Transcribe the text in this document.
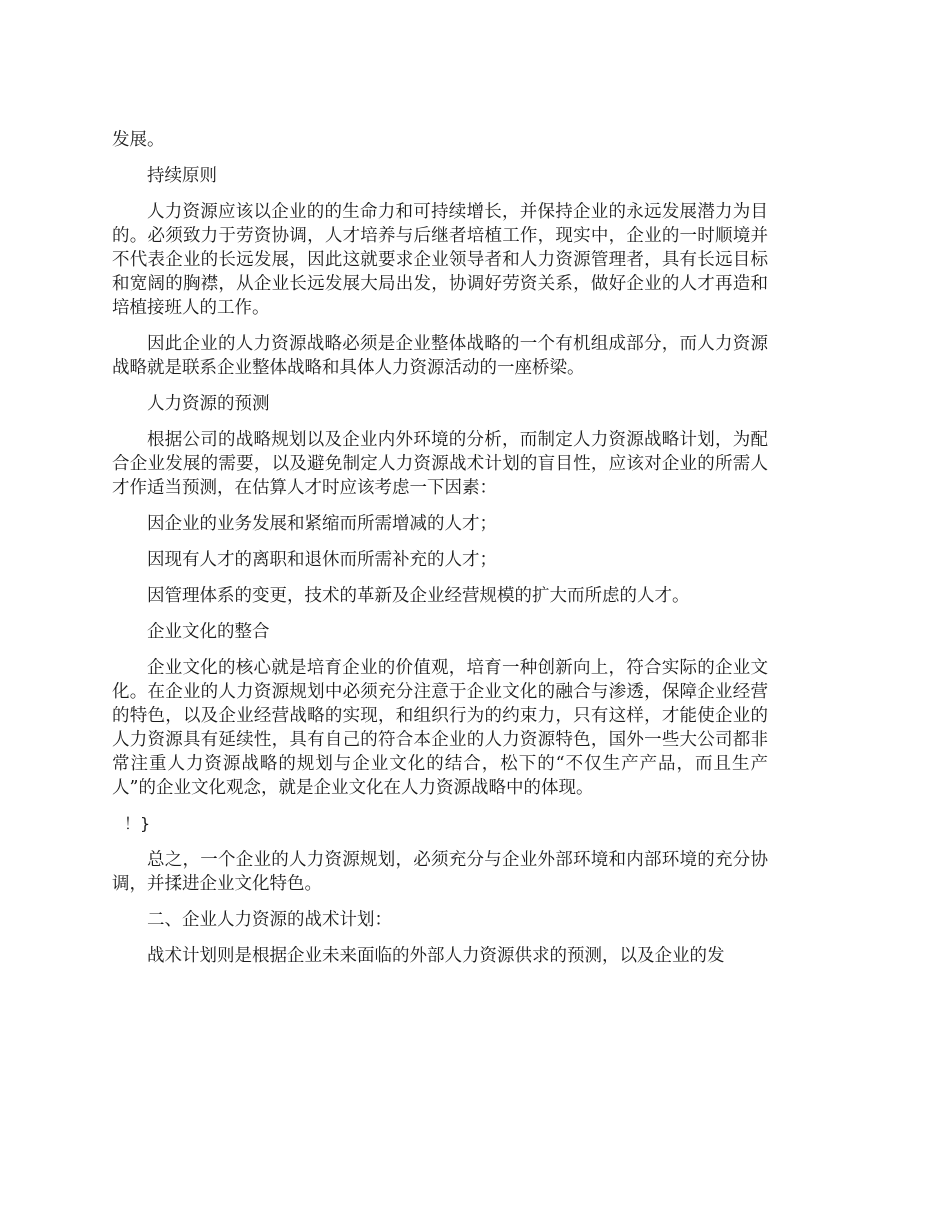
发展。

持续原则

人力资源应该以企业的的生命力和可持续增长，并保持企业的永远发展潜力为目的。必须致力于劳资协调，人才培养与后继者培植工作，现实中，企业的一时顺境并不代表企业的长远发展，因此这就要求企业领导者和人力资源管理者，具有长远目标和宽阔的胸襟，从企业长远发展大局出发，协调好劳资关系，做好企业的人才再造和培植接班人的工作。

因此企业的人力资源战略必须是企业整体战略的一个有机组成部分，而人力资源战略就是联系企业整体战略和具体人力资源活动的一座桥梁。

人力资源的预测

根据公司的战略规划以及企业内外环境的分析，而制定人力资源战略计划，为配合企业发展的需要，以及避免制定人力资源战术计划的盲目性，应该对企业的所需人才作适当预测，在估算人才时应该考虑一下因素：

因企业的业务发展和紧缩而所需增减的人才；

因现有人才的离职和退休而所需补充的人才；

因管理体系的变更，技术的革新及企业经营规模的扩大而所虑的人才。

企业文化的整合

企业文化的核心就是培育企业的价值观，培育一种创新向上，符合实际的企业文化。在企业的人力资源规划中必须充分注意于企业文化的融合与渗透，保障企业经营的特色，以及企业经营战略的实现，和组织行为的约束力，只有这样，才能使企业的人力资源具有延续性，具有自己的符合本企业的人力资源特色，国外一些大公司都非常注重人力资源战略的规划与企业文化的结合，松下的“不仅生产产品，而且生产人”的企业文化观念，就是企业文化在人力资源战略中的体现。

！}

总之，一个企业的人力资源规划，必须充分与企业外部环境和内部环境的充分协调，并揉进企业文化特色。

二、企业人力资源的战术计划：

战术计划则是根据企业未来面临的外部人力资源供求的预测，以及企业的发
